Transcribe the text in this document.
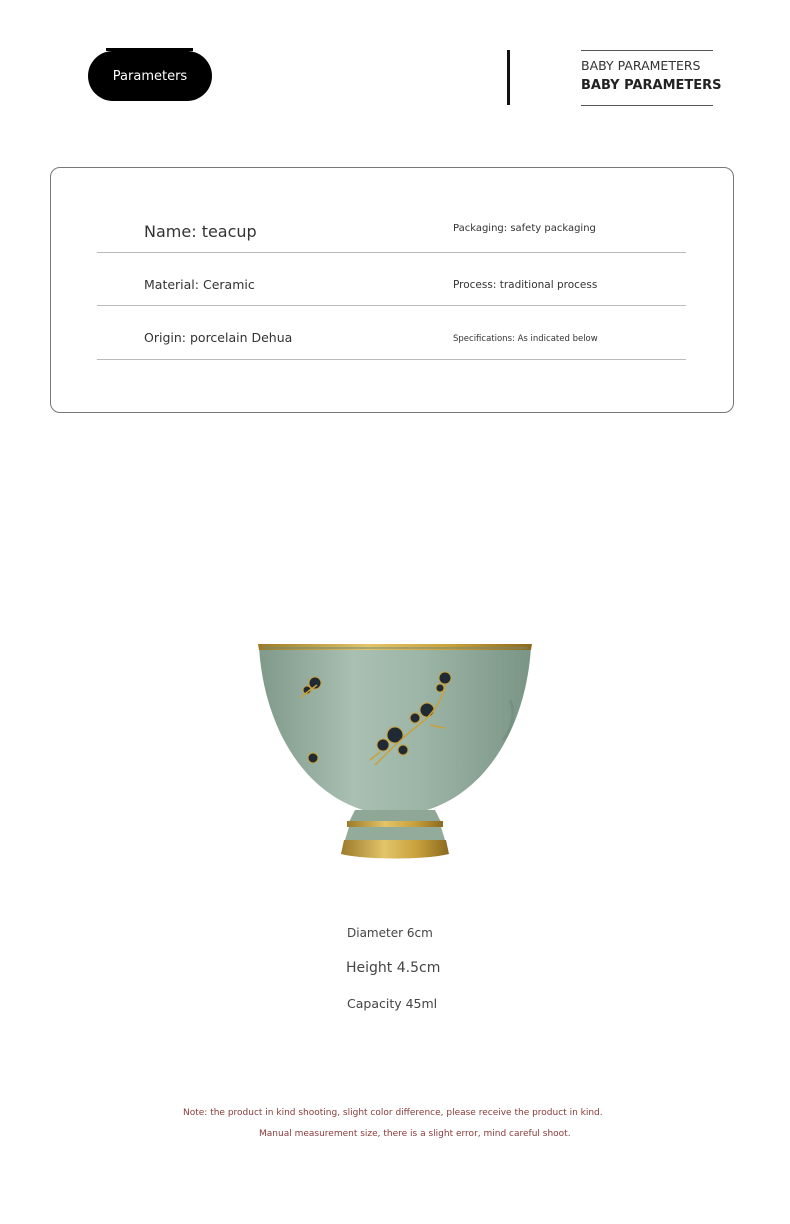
Parameters
BABY PARAMETERS
BABY PARAMETERS
Name: teacup	Packaging: safety packaging
Material: Ceramic	Process: traditional process
Origin: porcelain Dehua	Specifications: As indicated below
Diameter 6cm
Height 4.5cm
Capacity 45ml
Note: the product in kind shooting, slight color difference, please receive the product in kind.
Manual measurement size, there is a slight error, mind careful shoot.
